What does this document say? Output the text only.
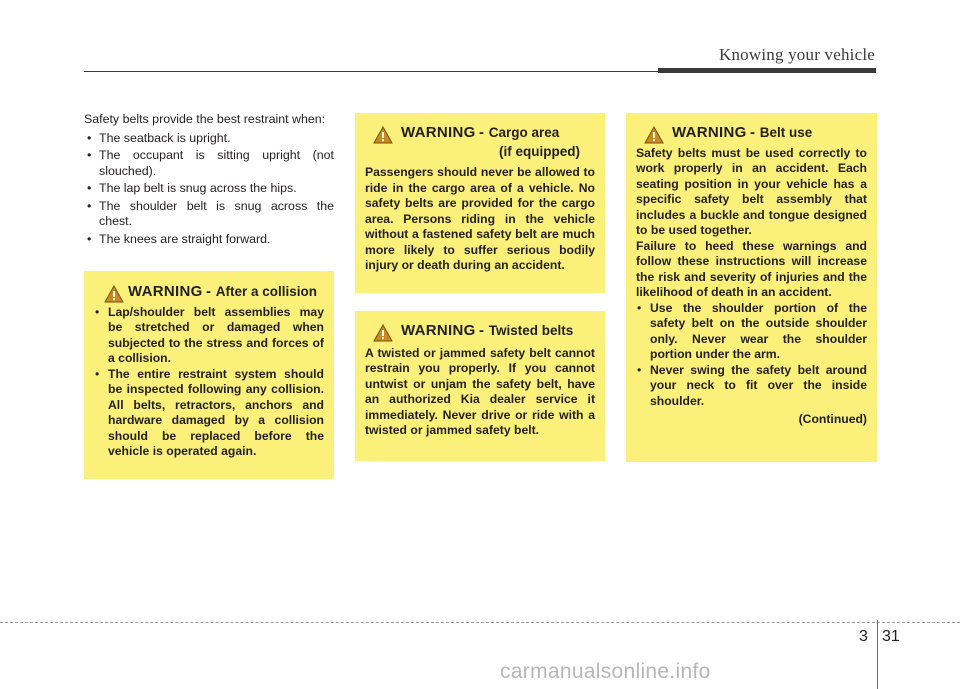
Knowing your vehicle

Safety belts provide the best restraint when:

• The seatback is upright.
• The occupant is sitting upright (not slouched).
• The lap belt is snug across the hips.
• The shoulder belt is snug across the chest.
• The knees are straight forward.
WARNING - After a collision
• Lap/shoulder belt assemblies may be stretched or damaged when subjected to the stress and forces of a collision.
• The entire restraint system should be inspected following any collision. All belts, retractors, anchors and hardware damaged by a collision should be replaced before the vehicle is operated again.
WARNING - Cargo area
(if equipped)

Passengers should never be allowed to ride in the cargo area of a vehicle. No safety belts are provided for the cargo area. Persons riding in the vehicle without a fastened safety belt are much more likely to suffer serious bodily injury or death during an accident.

WARNING - Twisted belts

A twisted or jammed safety belt cannot restrain you properly. If you cannot untwist or unjam the safety belt, have an authorized Kia dealer service it immediately. Never drive or ride with a twisted or jammed safety belt.

WARNING - Belt use

Safety belts must be used correctly to work properly in an accident. Each seating position in your vehicle has a specific safety belt assembly that includes a buckle and tongue designed to be used together.

Failure to heed these warnings and follow these instructions will increase the risk and severity of injuries and the likelihood of death in an accident.

• Use the shoulder portion of the safety belt on the outside shoulder only. Never wear the shoulder portion under the arm.
• Never swing the safety belt around your neck to fit over the inside shoulder.
(Continued)
3 31
carmanualsonline.info
